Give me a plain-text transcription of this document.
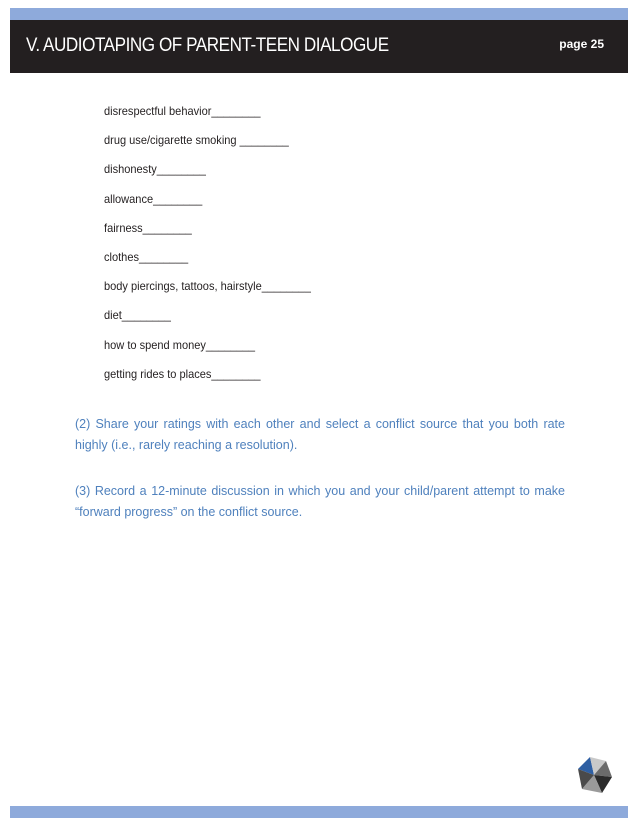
V. AUDIOTAPING OF PARENT-TEEN DIALOGUE	page 25
disrespectful behavior________
drug use/cigarette smoking ________
dishonesty________
allowance________
fairness________
clothes________
body piercings, tattoos, hairstyle________
diet________
how to spend money________
getting rides to places________
(2) Share your ratings with each other and select a conflict source that you both rate highly (i.e., rarely reaching a resolution).
(3) Record a 12-minute discussion in which you and your child/parent attempt to make “forward progress” on the conflict source.
